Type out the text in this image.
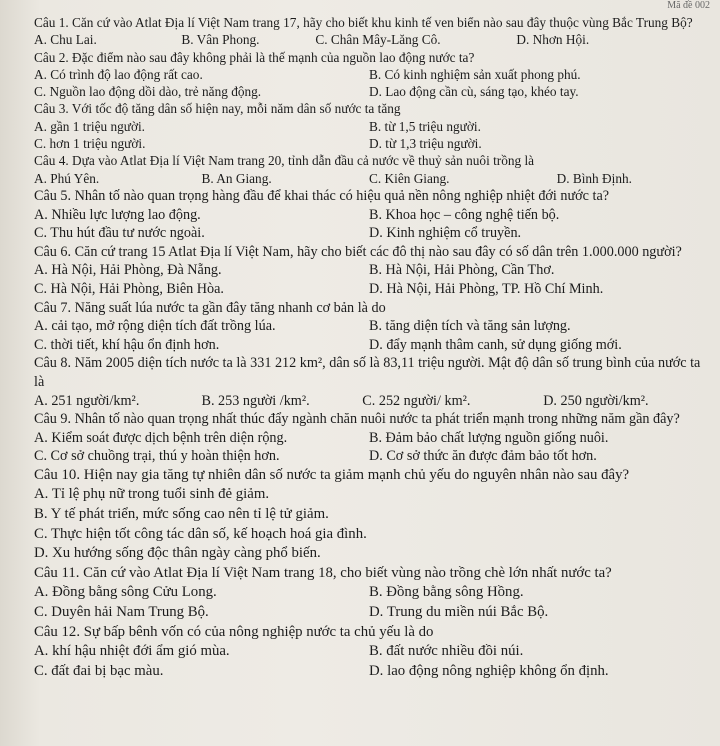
Mã đề 002
Câu 1. Căn cứ vào Atlat Địa lí Việt Nam trang 17, hãy cho biết khu kinh tế ven biển nào sau đây thuộc vùng Bắc Trung Bộ?
A. Chu Lai.	B. Vân Phong.	C. Chân Mây-Lăng Cô.	D. Nhơn Hội.
Câu 2. Đặc điểm nào sau đây không phải là thế mạnh của nguồn lao động nước ta?
A. Có trình độ lao động rất cao.	B. Có kinh nghiệm sản xuất phong phú.
C. Nguồn lao động dồi dào, trẻ năng động.	D. Lao động cần cù, sáng tạo, khéo tay.
Câu 3. Với tốc độ tăng dân số hiện nay, mỗi năm dân số nước ta tăng
A. gần 1 triệu người.	B. từ 1,5 triệu người.
C. hơn 1 triệu người.	D. từ 1,3 triệu người.
Câu 4. Dựa vào Atlat Địa lí Việt Nam trang 20, tỉnh dẫn đầu cả nước về thuỷ sản nuôi trồng là
A. Phú Yên.	B. An Giang.	C. Kiên Giang.	D. Bình Định.
Câu 5. Nhân tố nào quan trọng hàng đầu để khai thác có hiệu quả nền nông nghiệp nhiệt đới nước ta?
A. Nhiều lực lượng lao động.	B. Khoa học – công nghệ tiến bộ.
C. Thu hút đầu tư nước ngoài.	D. Kinh nghiệm cổ truyền.
Câu 6. Căn cứ trang 15 Atlat Địa lí Việt Nam, hãy cho biết các đô thị nào sau đây có số dân trên 1.000.000 người?
A. Hà Nội, Hải Phòng, Đà Nẵng.	B. Hà Nội, Hải Phòng, Cần Thơ.
C. Hà Nội, Hải Phòng, Biên Hòa.	D. Hà Nội, Hải Phòng, TP. Hồ Chí Minh.
Câu 7. Năng suất lúa nước ta gần đây tăng nhanh cơ bản là do
A. cải tạo, mở rộng diện tích đất trồng lúa.	B. tăng diện tích và tăng sản lượng.
C. thời tiết, khí hậu ổn định hơn.	D. đẩy mạnh thâm canh, sử dụng giống mới.
Câu 8. Năm 2005 diện tích nước ta là 331 212 km², dân số là 83,11 triệu người. Mật độ dân số trung bình của nước ta là
A. 251 người/km².	B. 253 người /km².	C. 252 người/ km².	D. 250 người/km².
Câu 9. Nhân tố nào quan trọng nhất thúc đẩy ngành chăn nuôi nước ta phát triển mạnh trong những năm gần đây?
A. Kiểm soát được dịch bệnh trên diện rộng.	B. Đảm bảo chất lượng nguồn giống nuôi.
C. Cơ sở chuồng trại, thú y hoàn thiện hơn.	D. Cơ sở thức ăn được đảm bảo tốt hơn.
Câu 10. Hiện nay gia tăng tự nhiên dân số nước ta giảm mạnh chủ yếu do nguyên nhân nào sau đây?
A. Tỉ lệ phụ nữ trong tuổi sinh đẻ giảm.
B. Y tế phát triển, mức sống cao nên tỉ lệ tử giảm.
C. Thực hiện tốt công tác dân số, kế hoạch hoá gia đình.
D. Xu hướng sống độc thân ngày càng phổ biến.
Câu 11. Căn cứ vào Atlat Địa lí Việt Nam trang 18, cho biết vùng nào trồng chè lớn nhất nước ta?
A. Đồng bằng sông Cửu Long.	B. Đồng bằng sông Hồng.
C. Duyên hải Nam Trung Bộ.	D. Trung du miền núi Bắc Bộ.
Câu 12. Sự bấp bênh vốn có của nông nghiệp nước ta chủ yếu là do
A. khí hậu nhiệt đới ẩm gió mùa.	B. đất nước nhiều đồi núi.
C. đất đai bị bạc màu.	D. lao động nông nghiệp không ổn định.
